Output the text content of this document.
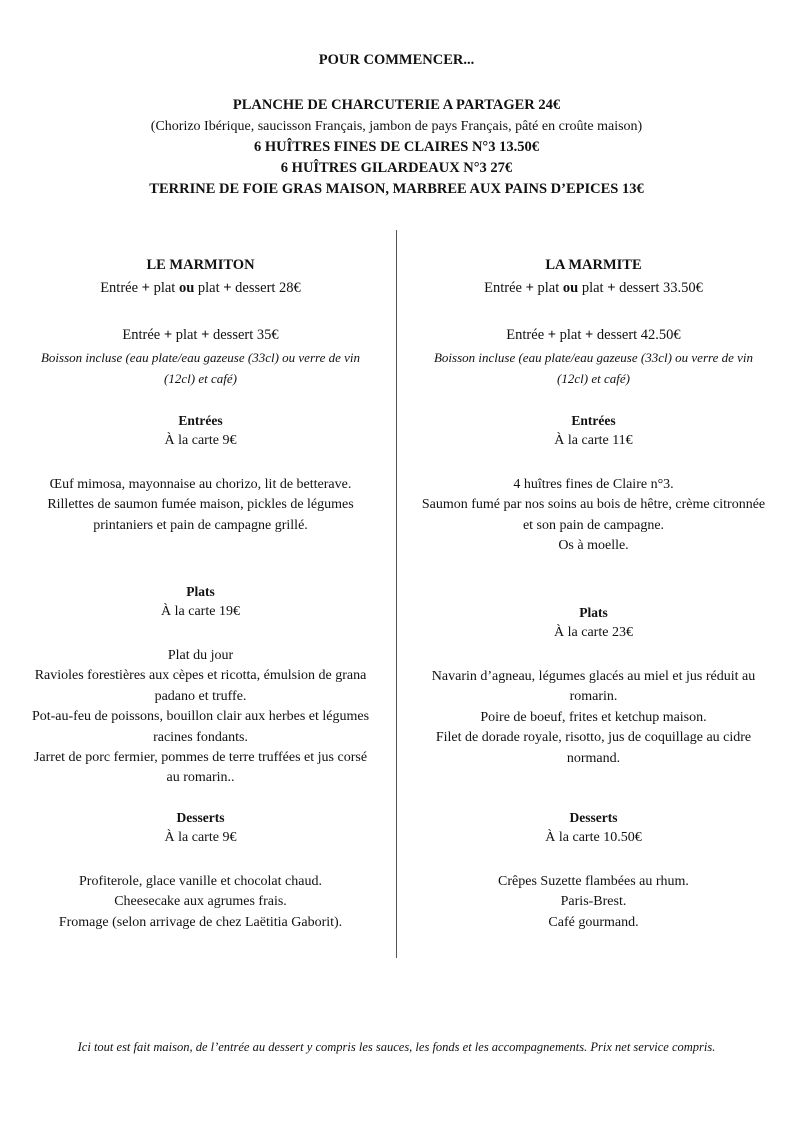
POUR COMMENCER...
PLANCHE DE CHARCUTERIE A PARTAGER 24€
(Chorizo Ibérique, saucisson Français, jambon de pays Français, pâté en croûte maison)
6 HUÎTRES FINES DE CLAIRES N°3 13.50€
6 HUÎTRES GILARDEAUX N°3 27€
TERRINE DE FOIE GRAS MAISON, MARBREE AUX PAINS D’EPICES 13€
LE MARMITON
Entrée + plat ou plat + dessert 28€
Entrée + plat + dessert 35€
Boisson incluse (eau plate/eau gazeuse (33cl) ou verre de vin (12cl) et café)
Entrées
À la carte 9€
Œuf mimosa, mayonnaise au chorizo, lit de betterave.
Rillettes de saumon fumée maison, pickles de légumes printaniers et pain de campagne grillé.
Plats
À la carte 19€
Plat du jour
Ravioles forestières aux cèpes et ricotta, émulsion de grana padano et truffe.
Pot-au-feu de poissons, bouillon clair aux herbes et légumes racines fondants.
Jarret de porc fermier, pommes de terre truffées et jus corsé au romarin..
Desserts
À la carte 9€
Profiterole, glace vanille et chocolat chaud.
Cheesecake aux agrumes frais.
Fromage (selon arrivage de chez Laëtitia Gaborit).
LA MARMITE
Entrée + plat ou plat + dessert 33.50€
Entrée + plat + dessert 42.50€
Boisson incluse (eau plate/eau gazeuse (33cl) ou verre de vin (12cl) et café)
Entrées
À la carte 11€
4 huîtres fines de Claire n°3.
Saumon fumé par nos soins au bois de hêtre, crème citronnée et son pain de campagne.
Os à moelle.
Plats
À la carte 23€
Navarin d’agneau, légumes glacés au miel et jus réduit au romarin.
Poire de boeuf, frites et ketchup maison.
Filet de dorade royale, risotto, jus de coquillage au cidre normand.
Desserts
À la carte 10.50€
Crêpes Suzette flambées au rhum.
Paris-Brest.
Café gourmand.
Ici tout est fait maison, de l’entrée au dessert y compris les sauces, les fonds et les accompagnements. Prix net service compris.
